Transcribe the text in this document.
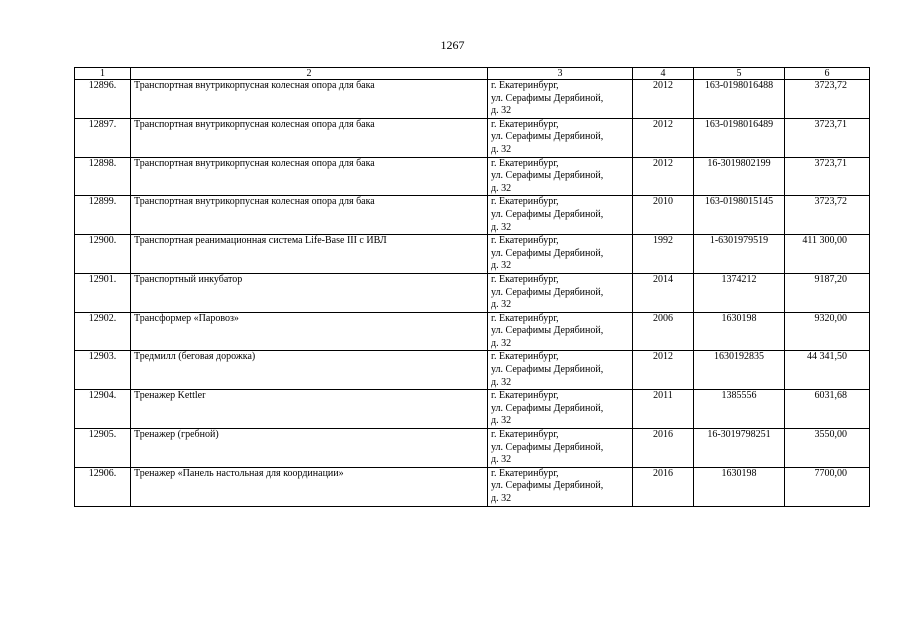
1267
1	2	3	4	5	6
12896.	Транспортная внутрикорпусная колесная опора для бака	г. Екатеринбург,
ул. Серафимы Дерябиной,
д. 32	2012	163-0198016488	3723,72
12897.	Транспортная внутрикорпусная колесная опора для бака	г. Екатеринбург,
ул. Серафимы Дерябиной,
д. 32	2012	163-0198016489	3723,71
12898.	Транспортная внутрикорпусная колесная опора для бака	г. Екатеринбург,
ул. Серафимы Дерябиной,
д. 32	2012	16-3019802199	3723,71
12899.	Транспортная внутрикорпусная колесная опора для бака	г. Екатеринбург,
ул. Серафимы Дерябиной,
д. 32	2010	163-0198015145	3723,72
12900.	Транспортная реанимационная система Life-Base III с ИВЛ	г. Екатеринбург,
ул. Серафимы Дерябиной,
д. 32	1992	1-6301979519	411 300,00
12901.	Транспортный инкубатор	г. Екатеринбург,
ул. Серафимы Дерябиной,
д. 32	2014	1374212	9187,20
12902.	Трансформер «Паровоз»	г. Екатеринбург,
ул. Серафимы Дерябиной,
д. 32	2006	1630198	9320,00
12903.	Тредмилл (беговая дорожка)	г. Екатеринбург,
ул. Серафимы Дерябиной,
д. 32	2012	1630192835	44 341,50
12904.	Тренажер Kettler	г. Екатеринбург,
ул. Серафимы Дерябиной,
д. 32	2011	1385556	6031,68
12905.	Тренажер (гребной)	г. Екатеринбург,
ул. Серафимы Дерябиной,
д. 32	2016	16-3019798251	3550,00
12906.	Тренажер «Панель настольная для координации»	г. Екатеринбург,
ул. Серафимы Дерябиной,
д. 32	2016	1630198	7700,00
